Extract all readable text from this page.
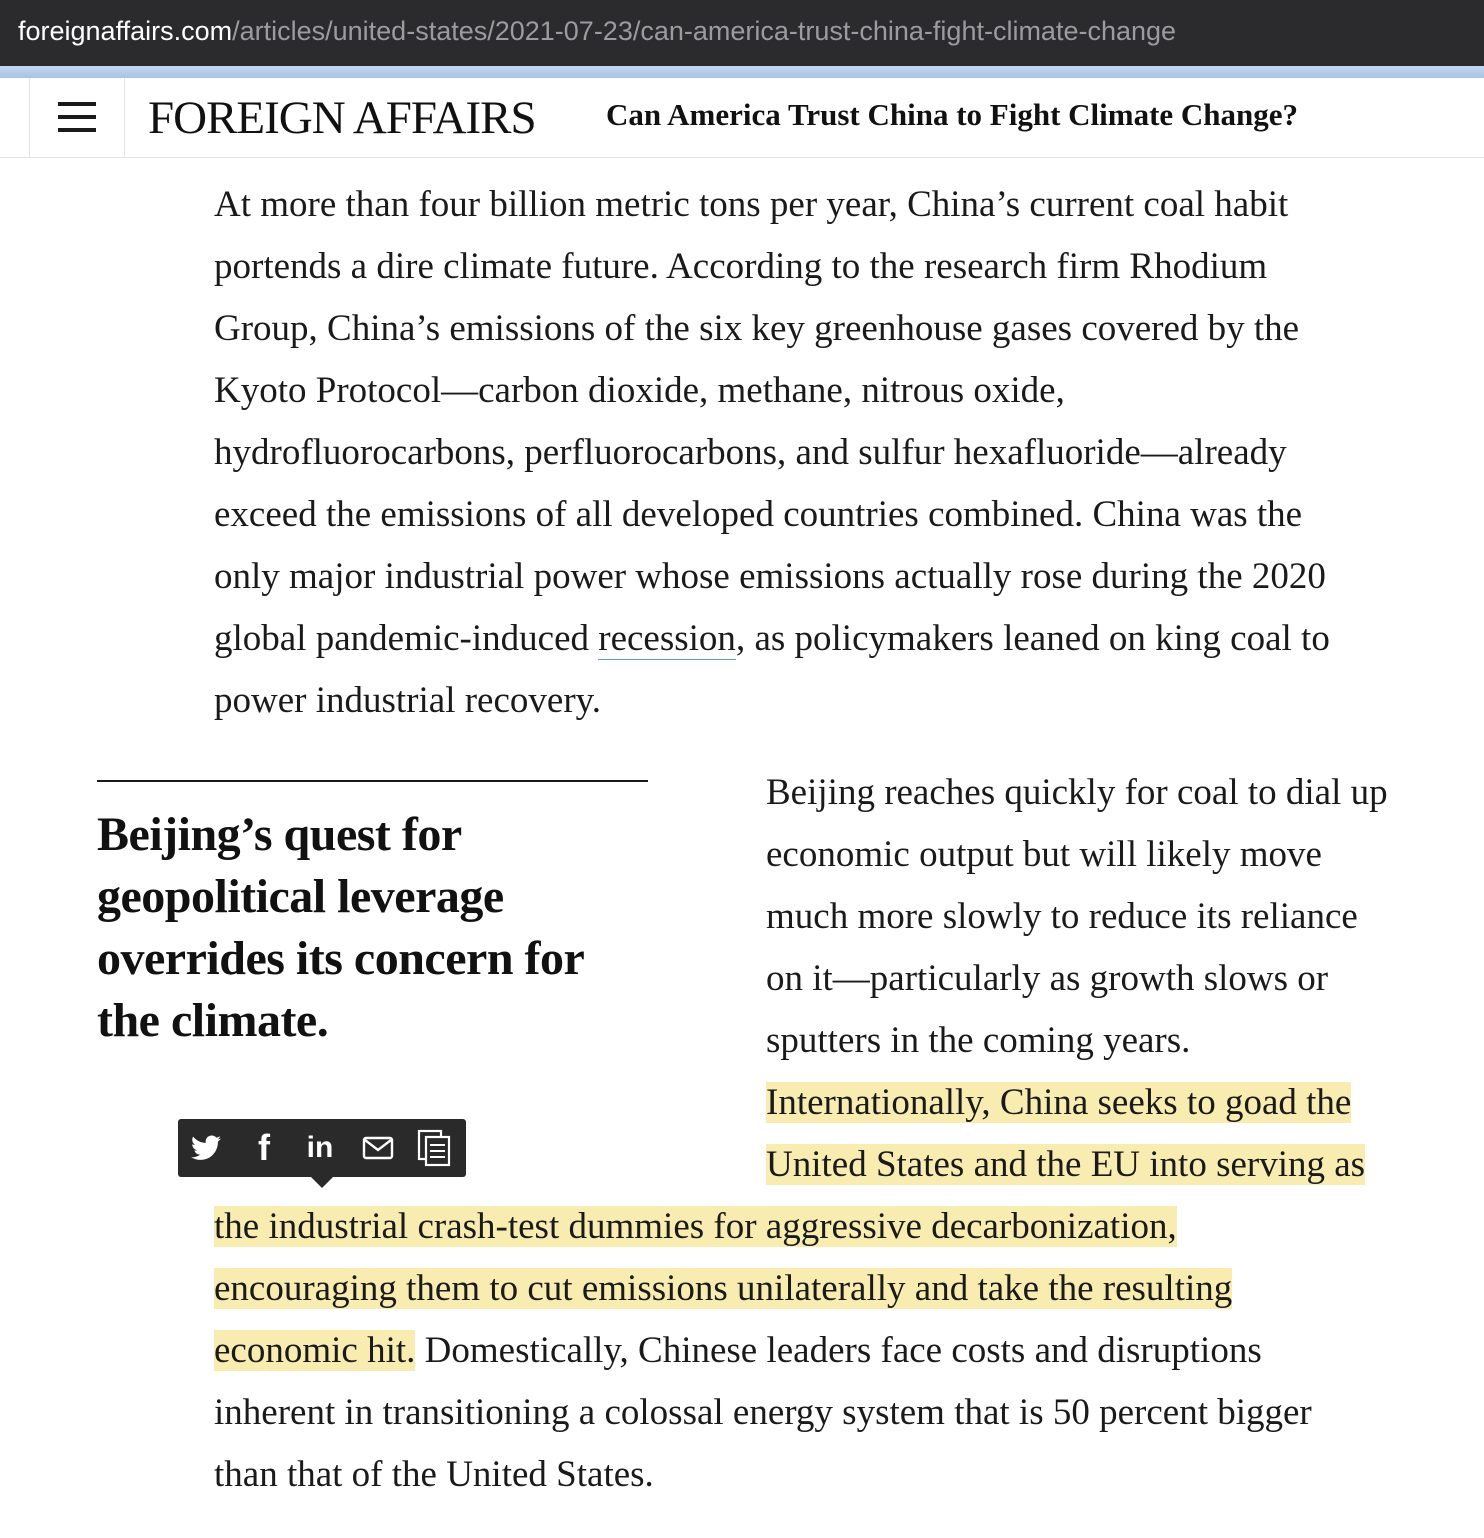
foreignaffairs.com/articles/united-states/2021-07-23/can-america-trust-china-fight-climate-change
FOREIGN AFFAIRS Can America Trust China to Fight Climate Change?
At more than four billion metric tons per year, China’s current coal habit
portends a dire climate future. According to the research firm Rhodium
Group, China’s emissions of the six key greenhouse gases covered by the
Kyoto Protocol—carbon dioxide, methane, nitrous oxide,
hydrofluorocarbons, perfluorocarbons, and sulfur hexafluoride—already
exceed the emissions of all developed countries combined. China was the
only major industrial power whose emissions actually rose during the 2020
global pandemic-induced recession, as policymakers leaned on king coal to
power industrial recovery.
Beijing’s quest for
geopolitical leverage
overrides its concern for
the climate.
Beijing reaches quickly for coal to dial up
economic output but will likely move
much more slowly to reduce its reliance
on it—particularly as growth slows or
sputters in the coming years.
Internationally, China seeks to goad the
United States and the EU into serving as
the industrial crash-test dummies for aggressive decarbonization,
encouraging them to cut emissions unilaterally and take the resulting
economic hit. Domestically, Chinese leaders face costs and disruptions
inherent in transitioning a colossal energy system that is 50 percent bigger
than that of the United States.
f in
